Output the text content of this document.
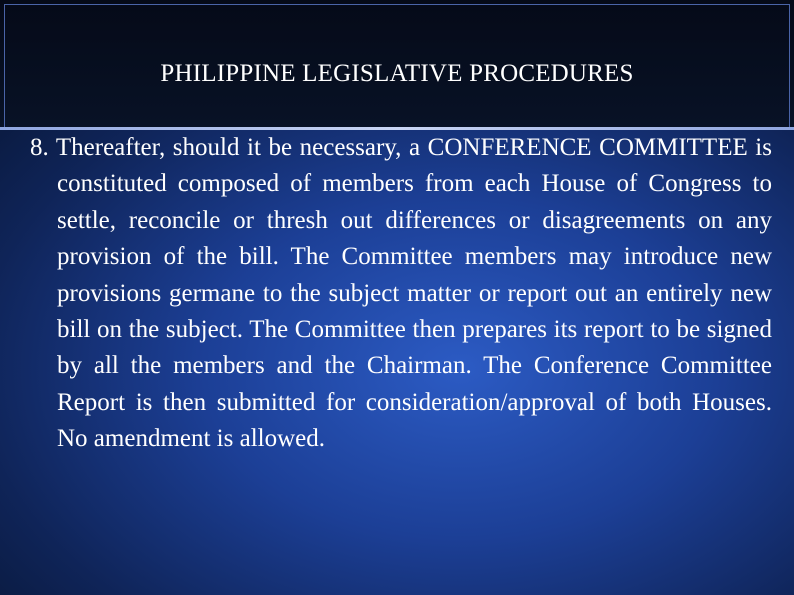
PHILIPPINE LEGISLATIVE PROCEDURES
8. Thereafter, should it be necessary, a CONFERENCE COMMITTEE is constituted composed of members from each House of Congress to settle, reconcile or thresh out differences or disagreements on any provision of the bill. The Committee members may introduce new provisions germane to the subject matter or report out an entirely new bill on the subject. The Committee then prepares its report to be signed by all the members and the Chairman. The Conference Committee Report is then submitted for consideration/approval of both Houses. No amendment is allowed.
